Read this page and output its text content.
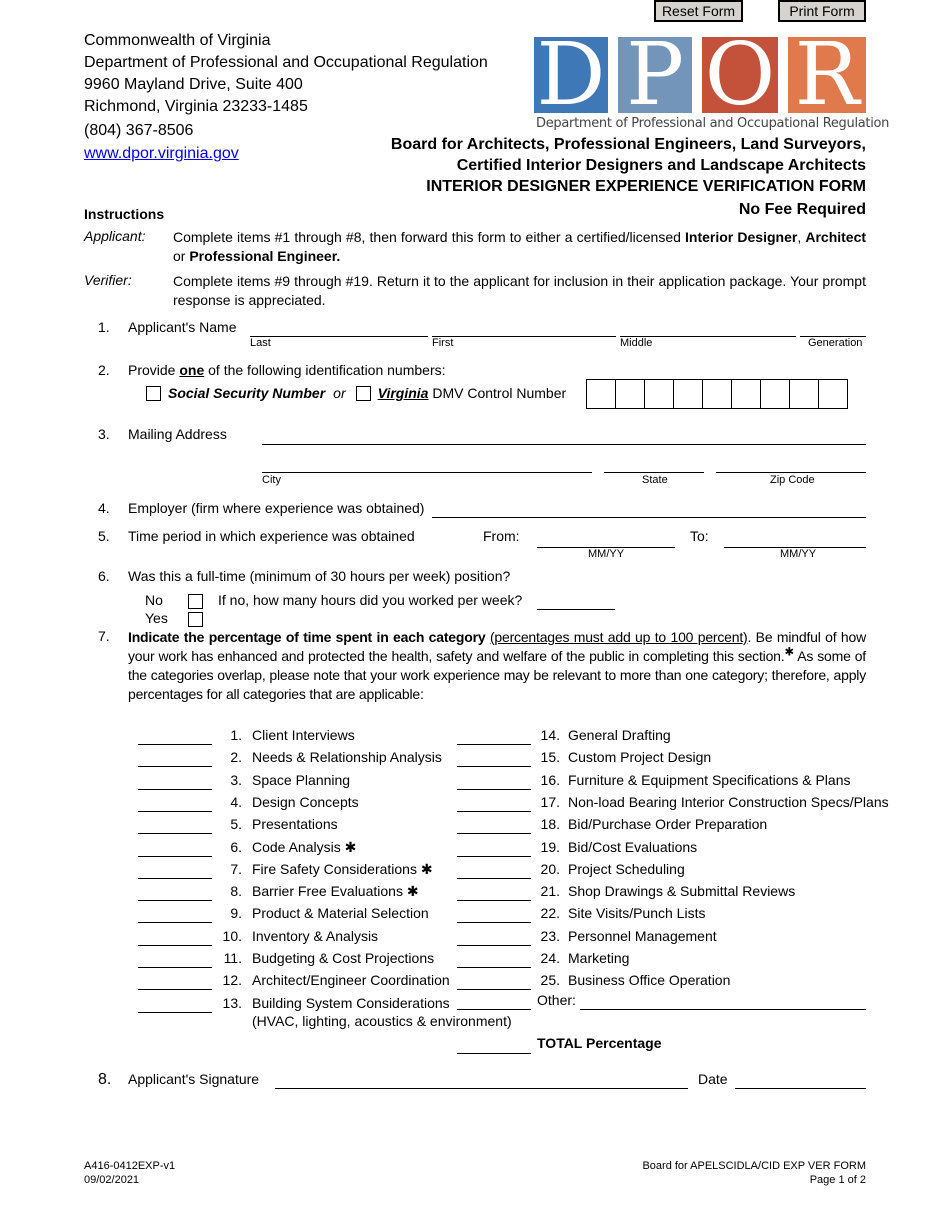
Reset Form	Print Form
D P O R
Department of Professional and Occupational Regulation
Commonwealth of Virginia
Department of Professional and Occupational Regulation
9960 Mayland Drive, Suite 400
Richmond, Virginia 23233-1485
(804) 367-8506
www.dpor.virginia.gov
Board for Architects, Professional Engineers, Land Surveyors,
Certified Interior Designers and Landscape Architects
INTERIOR DESIGNER EXPERIENCE VERIFICATION FORM
No Fee Required
Instructions
Applicant: Complete items #1 through #8, then forward this form to either a certified/licensed Interior Designer, Architect or Professional Engineer.
Verifier:	Complete items #9 through #19. Return it to the applicant for inclusion in their application package. Your prompt response is appreciated.
1. Applicant's Name
Last	First	Middle	Generation
2. Provide one of the following identification numbers:
Social Security Number or Virginia DMV Control Number
3. Mailing Address
City	State	Zip Code
4. Employer (firm where experience was obtained)
5. Time period in which experience was obtained	From:
MM/YY
To:
MM/YY
6. Was this a full-time (minimum of 30 hours per week) position?
No	If no, how many hours did you worked per week?
Yes
7. Indicate the percentage of time spent in each category (percentages must add up to 100 percent). Be mindful of how your work has enhanced and protected the health, safety and welfare of the public in completing this section.✱ As some of the categories overlap, please note that your work experience may be relevant to more than one category; therefore, apply percentages for all categories that are applicable:
1. Client Interviews
2. Needs & Relationship Analysis
3. Space Planning
4. Design Concepts
5. Presentations
6. Code Analysis ✱
7. Fire Safety Considerations ✱
8. Barrier Free Evaluations ✱
9. Product & Material Selection
10. Inventory & Analysis
11. Budgeting & Cost Projections
12. Architect/Engineer Coordination
13. Building System Considerations
14. General Drafting
15. Custom Project Design
16. Furniture & Equipment Specifications & Plans
17. Non-load Bearing Interior Construction Specs/Plans
18. Bid/Purchase Order Preparation
19. Bid/Cost Evaluations
20. Project Scheduling
21. Shop Drawings & Submittal Reviews
22. Site Visits/Punch Lists
23. Personnel Management
24. Marketing
25. Business Office Operation
(HVAC, lighting, acoustics & environment)
Other:
TOTAL Percentage
8. Applicant's Signature	Date
A416-0412EXP-v1
09/02/2021
Board for APELSCIDLA/CID EXP VER FORM
Page 1 of 2
